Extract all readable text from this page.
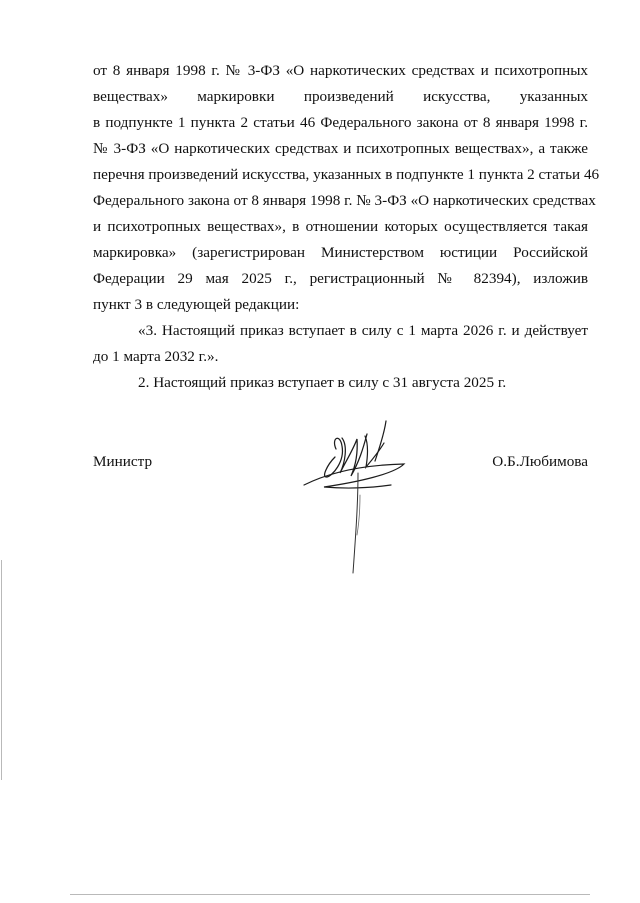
от 8 января 1998 г. № 3-ФЗ «О наркотических средствах и психотропных
веществах» маркировки произведений искусства, указанных
в подпункте 1 пункта 2 статьи 46 Федерального закона от 8 января 1998 г.
№ 3-ФЗ «О наркотических средствах и психотропных веществах», а также
перечня произведений искусства, указанных в подпункте 1 пункта 2 статьи 46
Федерального закона от 8 января 1998 г. № 3-ФЗ «О наркотических средствах
и психотропных веществах», в отношении которых осуществляется такая
маркировка» (зарегистрирован Министерством юстиции Российской
Федерации 29 мая 2025 г., регистрационный № 82394), изложив
пункт 3 в следующей редакции:
«3. Настоящий приказ вступает в силу с 1 марта 2026 г. и действует
до 1 марта 2032 г.».
2. Настоящий приказ вступает в силу с 31 августа 2025 г.
Министр	О.Б.Любимова
